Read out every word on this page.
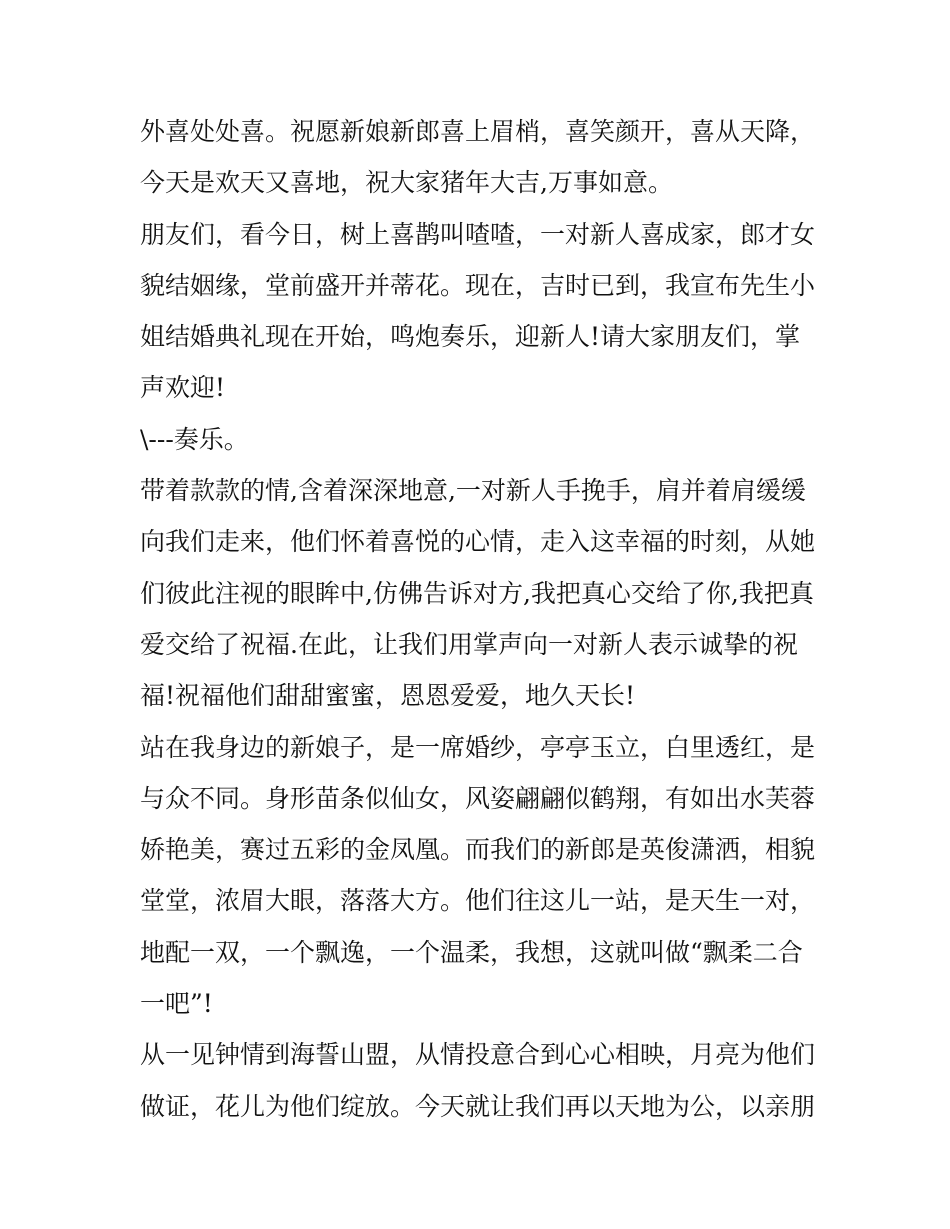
外喜处处喜。祝愿新娘新郎喜上眉梢，喜笑颜开，喜从天降，
今天是欢天又喜地，祝大家猪年大吉,万事如意。
朋友们，看今日，树上喜鹊叫喳喳，一对新人喜成家，郎才女
貌结姻缘，堂前盛开并蒂花。现在，吉时已到，我宣布先生小
姐结婚典礼现在开始，鸣炮奏乐，迎新人!请大家朋友们，掌
声欢迎!
\---奏乐。
带着款款的情,含着深深地意,一对新人手挽手，肩并着肩缓缓
向我们走来，他们怀着喜悦的心情，走入这幸福的时刻，从她
们彼此注视的眼眸中,仿佛告诉对方,我把真心交给了你,我把真
爱交给了祝福.在此，让我们用掌声向一对新人表示诚挚的祝
福!祝福他们甜甜蜜蜜，恩恩爱爱，地久天长!
站在我身边的新娘子，是一席婚纱，亭亭玉立，白里透红，是
与众不同。身形苗条似仙女，风姿翩翩似鹤翔，有如出水芙蓉
娇艳美，赛过五彩的金凤凰。而我们的新郎是英俊潇洒，相貌
堂堂，浓眉大眼，落落大方。他们往这儿一站，是天生一对，
地配一双，一个飘逸，一个温柔，我想，这就叫做“飘柔二合
一吧”!
从一见钟情到海誓山盟，从情投意合到心心相映，月亮为他们
做证，花儿为他们绽放。今天就让我们再以天地为公，以亲朋
